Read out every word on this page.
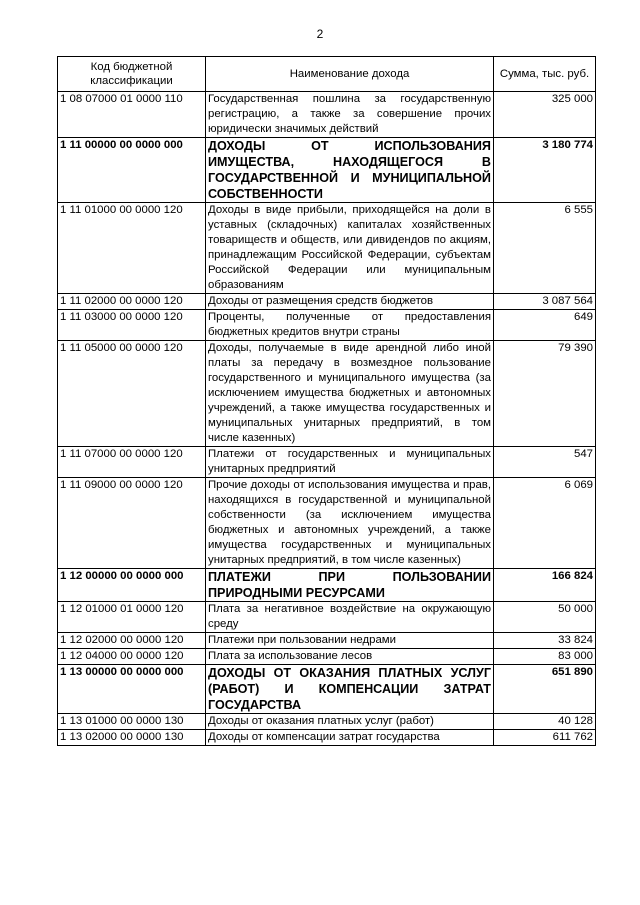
2
Код бюджетной классификации	Наименование дохода	Сумма, тыс. руб.
1 08 07000 01 0000 110	Государственная пошлина за государственную регистрацию, а также за совершение прочих юридически значимых действий	325 000
1 11 00000 00 0000 000	ДОХОДЫ ОТ ИСПОЛЬЗОВАНИЯ ИМУЩЕСТВА, НАХОДЯЩЕГОСЯ В ГОСУДАРСТВЕННОЙ И МУНИЦИПАЛЬНОЙ СОБСТВЕННОСТИ	3 180 774
1 11 01000 00 0000 120	Доходы в виде прибыли, приходящейся на доли в уставных (складочных) капиталах хозяйственных товариществ и обществ, или дивидендов по акциям, принадлежащим Российской Федерации, субъектам Российской Федерации или муниципальным образованиям	6 555
1 11 02000 00 0000 120	Доходы от размещения средств бюджетов	3 087 564
1 11 03000 00 0000 120	Проценты, полученные от предоставления бюджетных кредитов внутри страны	649
1 11 05000 00 0000 120	Доходы, получаемые в виде арендной либо иной платы за передачу в возмездное пользование государственного и муниципального имущества (за исключением имущества бюджетных и автономных учреждений, а также имущества государственных и муниципальных унитарных предприятий, в том числе казенных)	79 390
1 11 07000 00 0000 120	Платежи от государственных и муниципальных унитарных предприятий	547
1 11 09000 00 0000 120	Прочие доходы от использования имущества и прав, находящихся в государственной и муниципальной собственности (за исключением имущества бюджетных и автономных учреждений, а также имущества государственных и муниципальных унитарных предприятий, в том числе казенных)	6 069
1 12 00000 00 0000 000	ПЛАТЕЖИ ПРИ ПОЛЬЗОВАНИИ ПРИРОДНЫМИ РЕСУРСАМИ	166 824
1 12 01000 01 0000 120	Плата за негативное воздействие на окружающую среду	50 000
1 12 02000 00 0000 120	Платежи при пользовании недрами	33 824
1 12 04000 00 0000 120	Плата за использование лесов	83 000
1 13 00000 00 0000 000	ДОХОДЫ ОТ ОКАЗАНИЯ ПЛАТНЫХ УСЛУГ (РАБОТ) И КОМПЕНСАЦИИ ЗАТРАТ ГОСУДАРСТВА	651 890
1 13 01000 00 0000 130	Доходы от оказания платных услуг (работ)	40 128
1 13 02000 00 0000 130	Доходы от компенсации затрат государства	611 762
